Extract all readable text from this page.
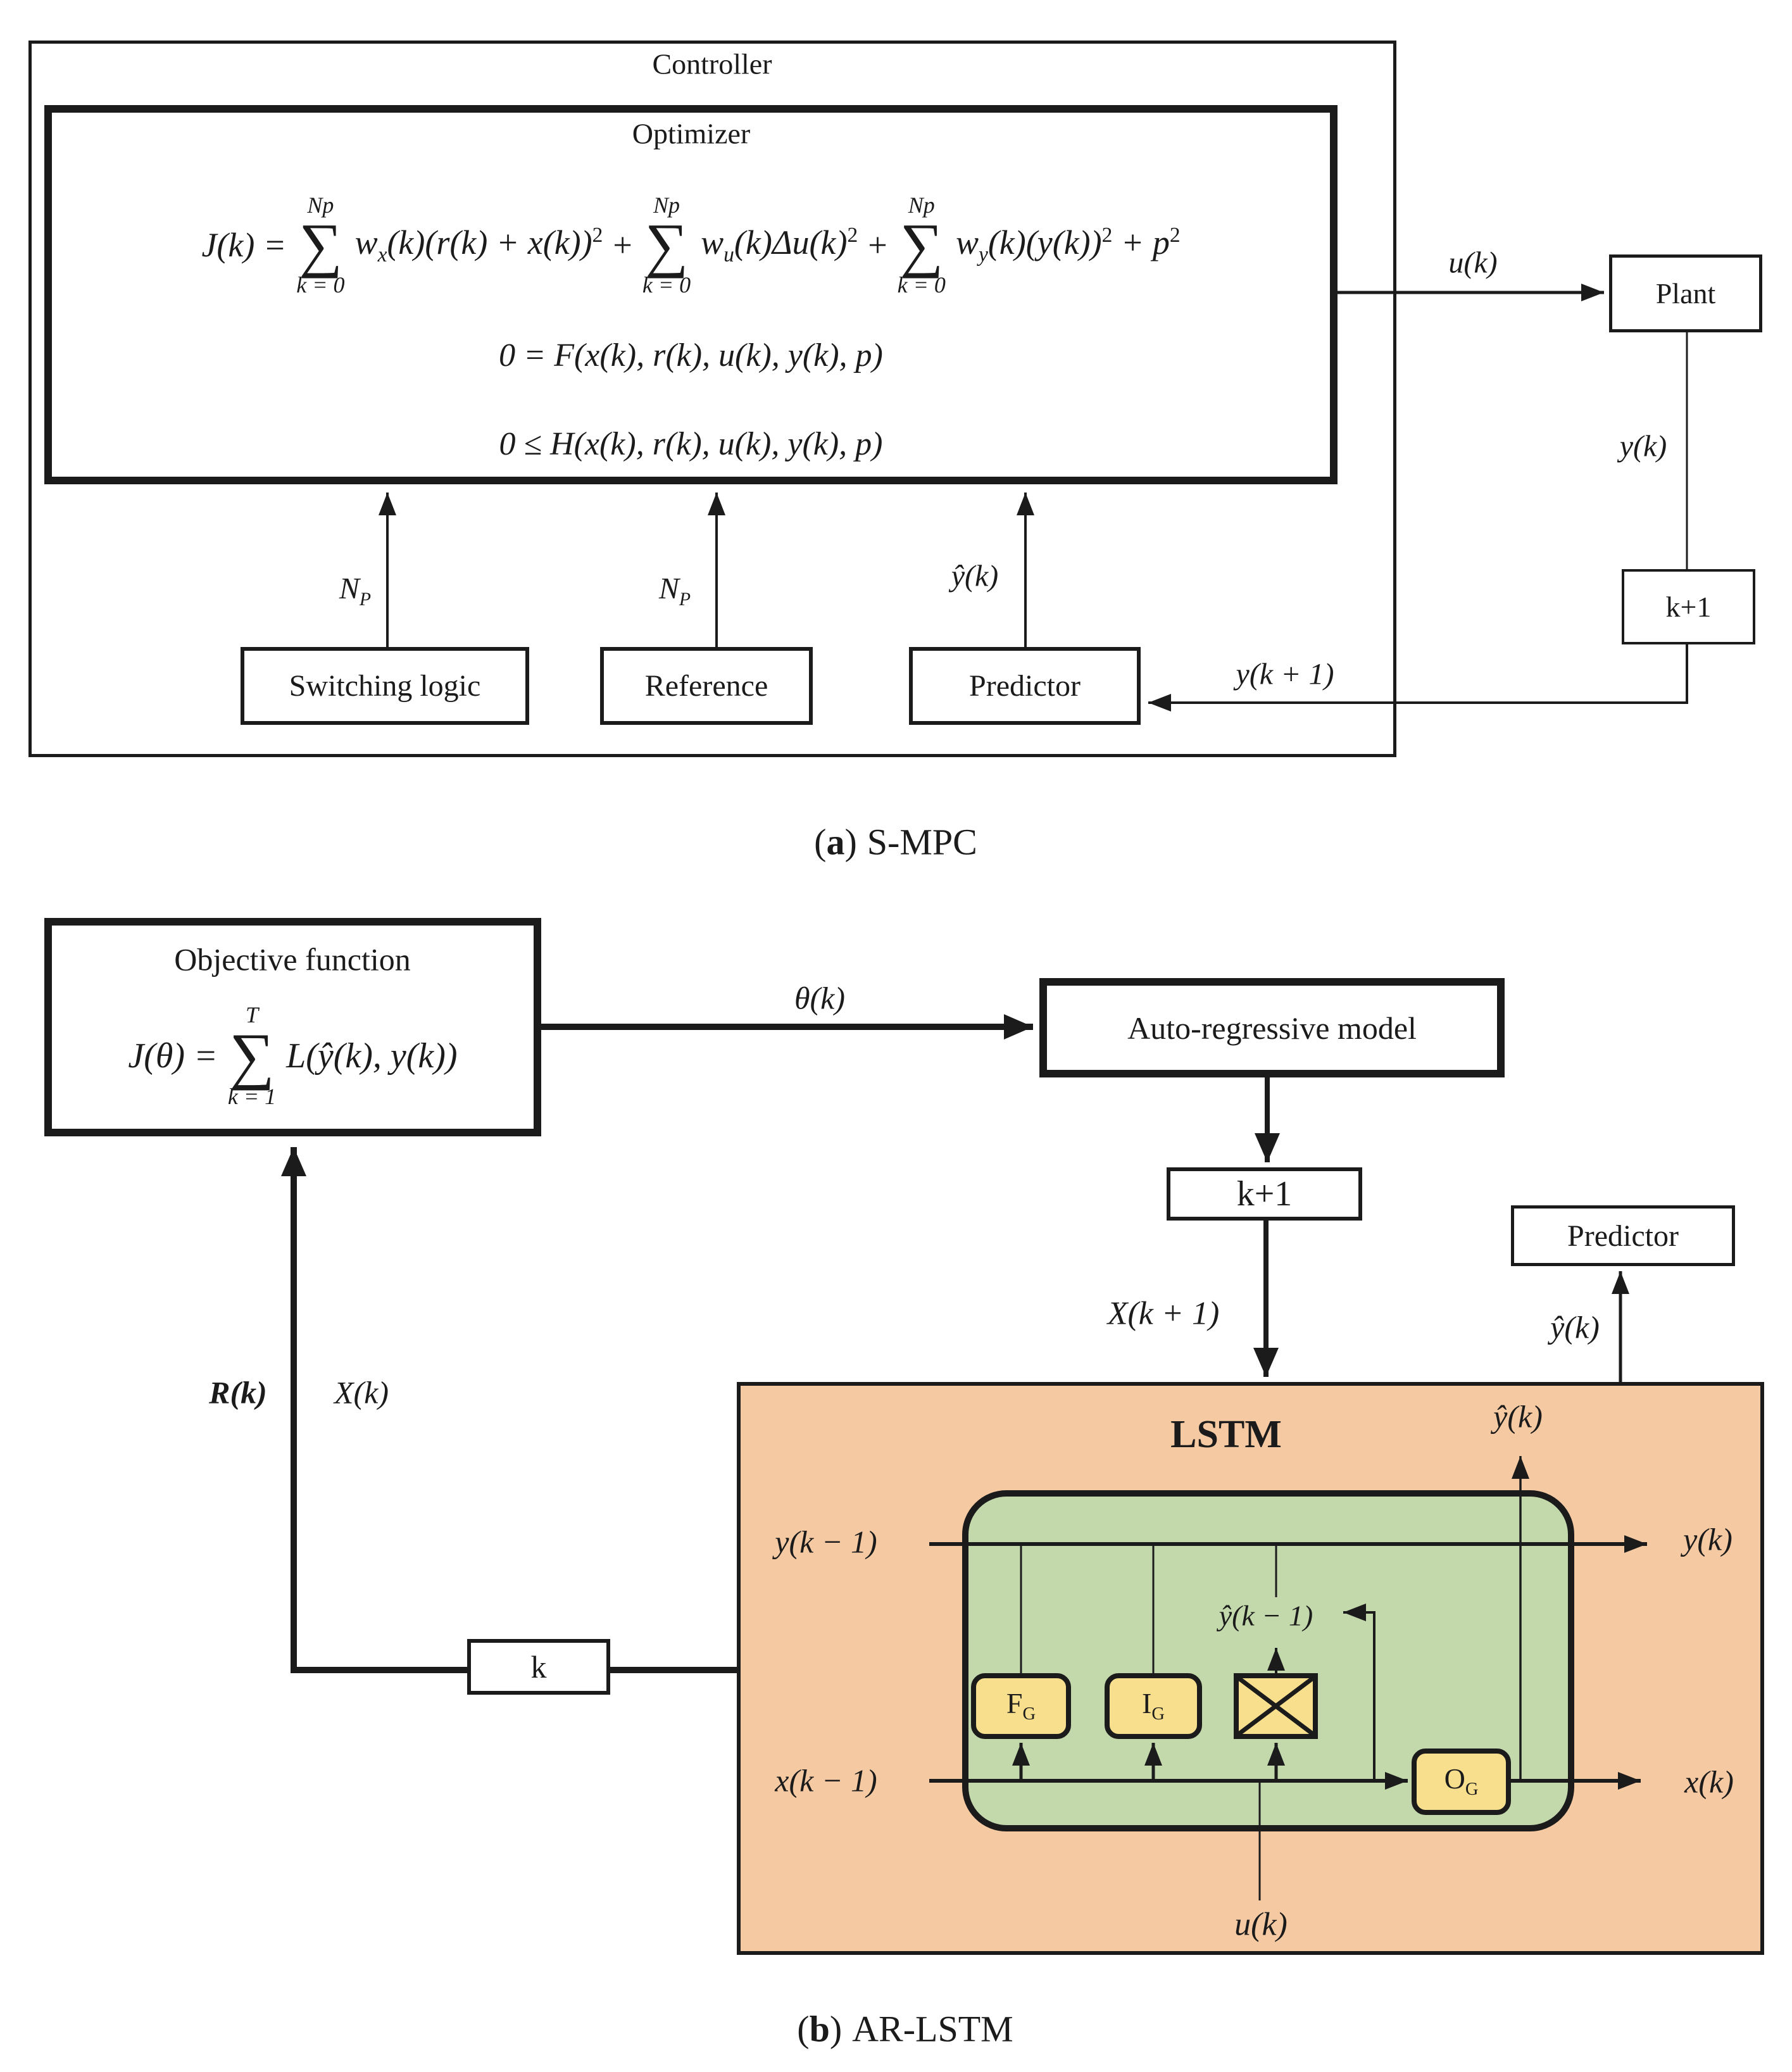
Controller
Optimizer
J(k) =
Np
∑
k = 0
$w_x(k)(r(k) + x(k))^2$ +
Np
∑
k = 0
$w_u(k)\Delta u(k)^2$ +
Np
∑
k = 0
$w_y(k)(y(k))^2 + p^2$
0 = F(x(k), r(k), u(k), y(k), p)
0 ≤ H(x(k), r(k), u(k), y(k), p)
Switching logic	Reference	Predictor
Plant
k+1
$N_P$	$N_P$
ŷ(k)
u(k)
y(k)
y(k + 1)
(a) S-MPC
Objective function
J(θ) =
T
∑
k = 1
L(ŷ(k), y(k))
θ(k)
Auto-regressive model
k+1
X(k + 1)
Predictor
ŷ(k)
LSTM	ŷ(k)
y(k − 1)	y(k)
x(k − 1)	x(k)
ŷ(k − 1)
u(k)
$F_G$	$I_G$
$O_G$
k
R(k) X(k)
(b) AR-LSTM
